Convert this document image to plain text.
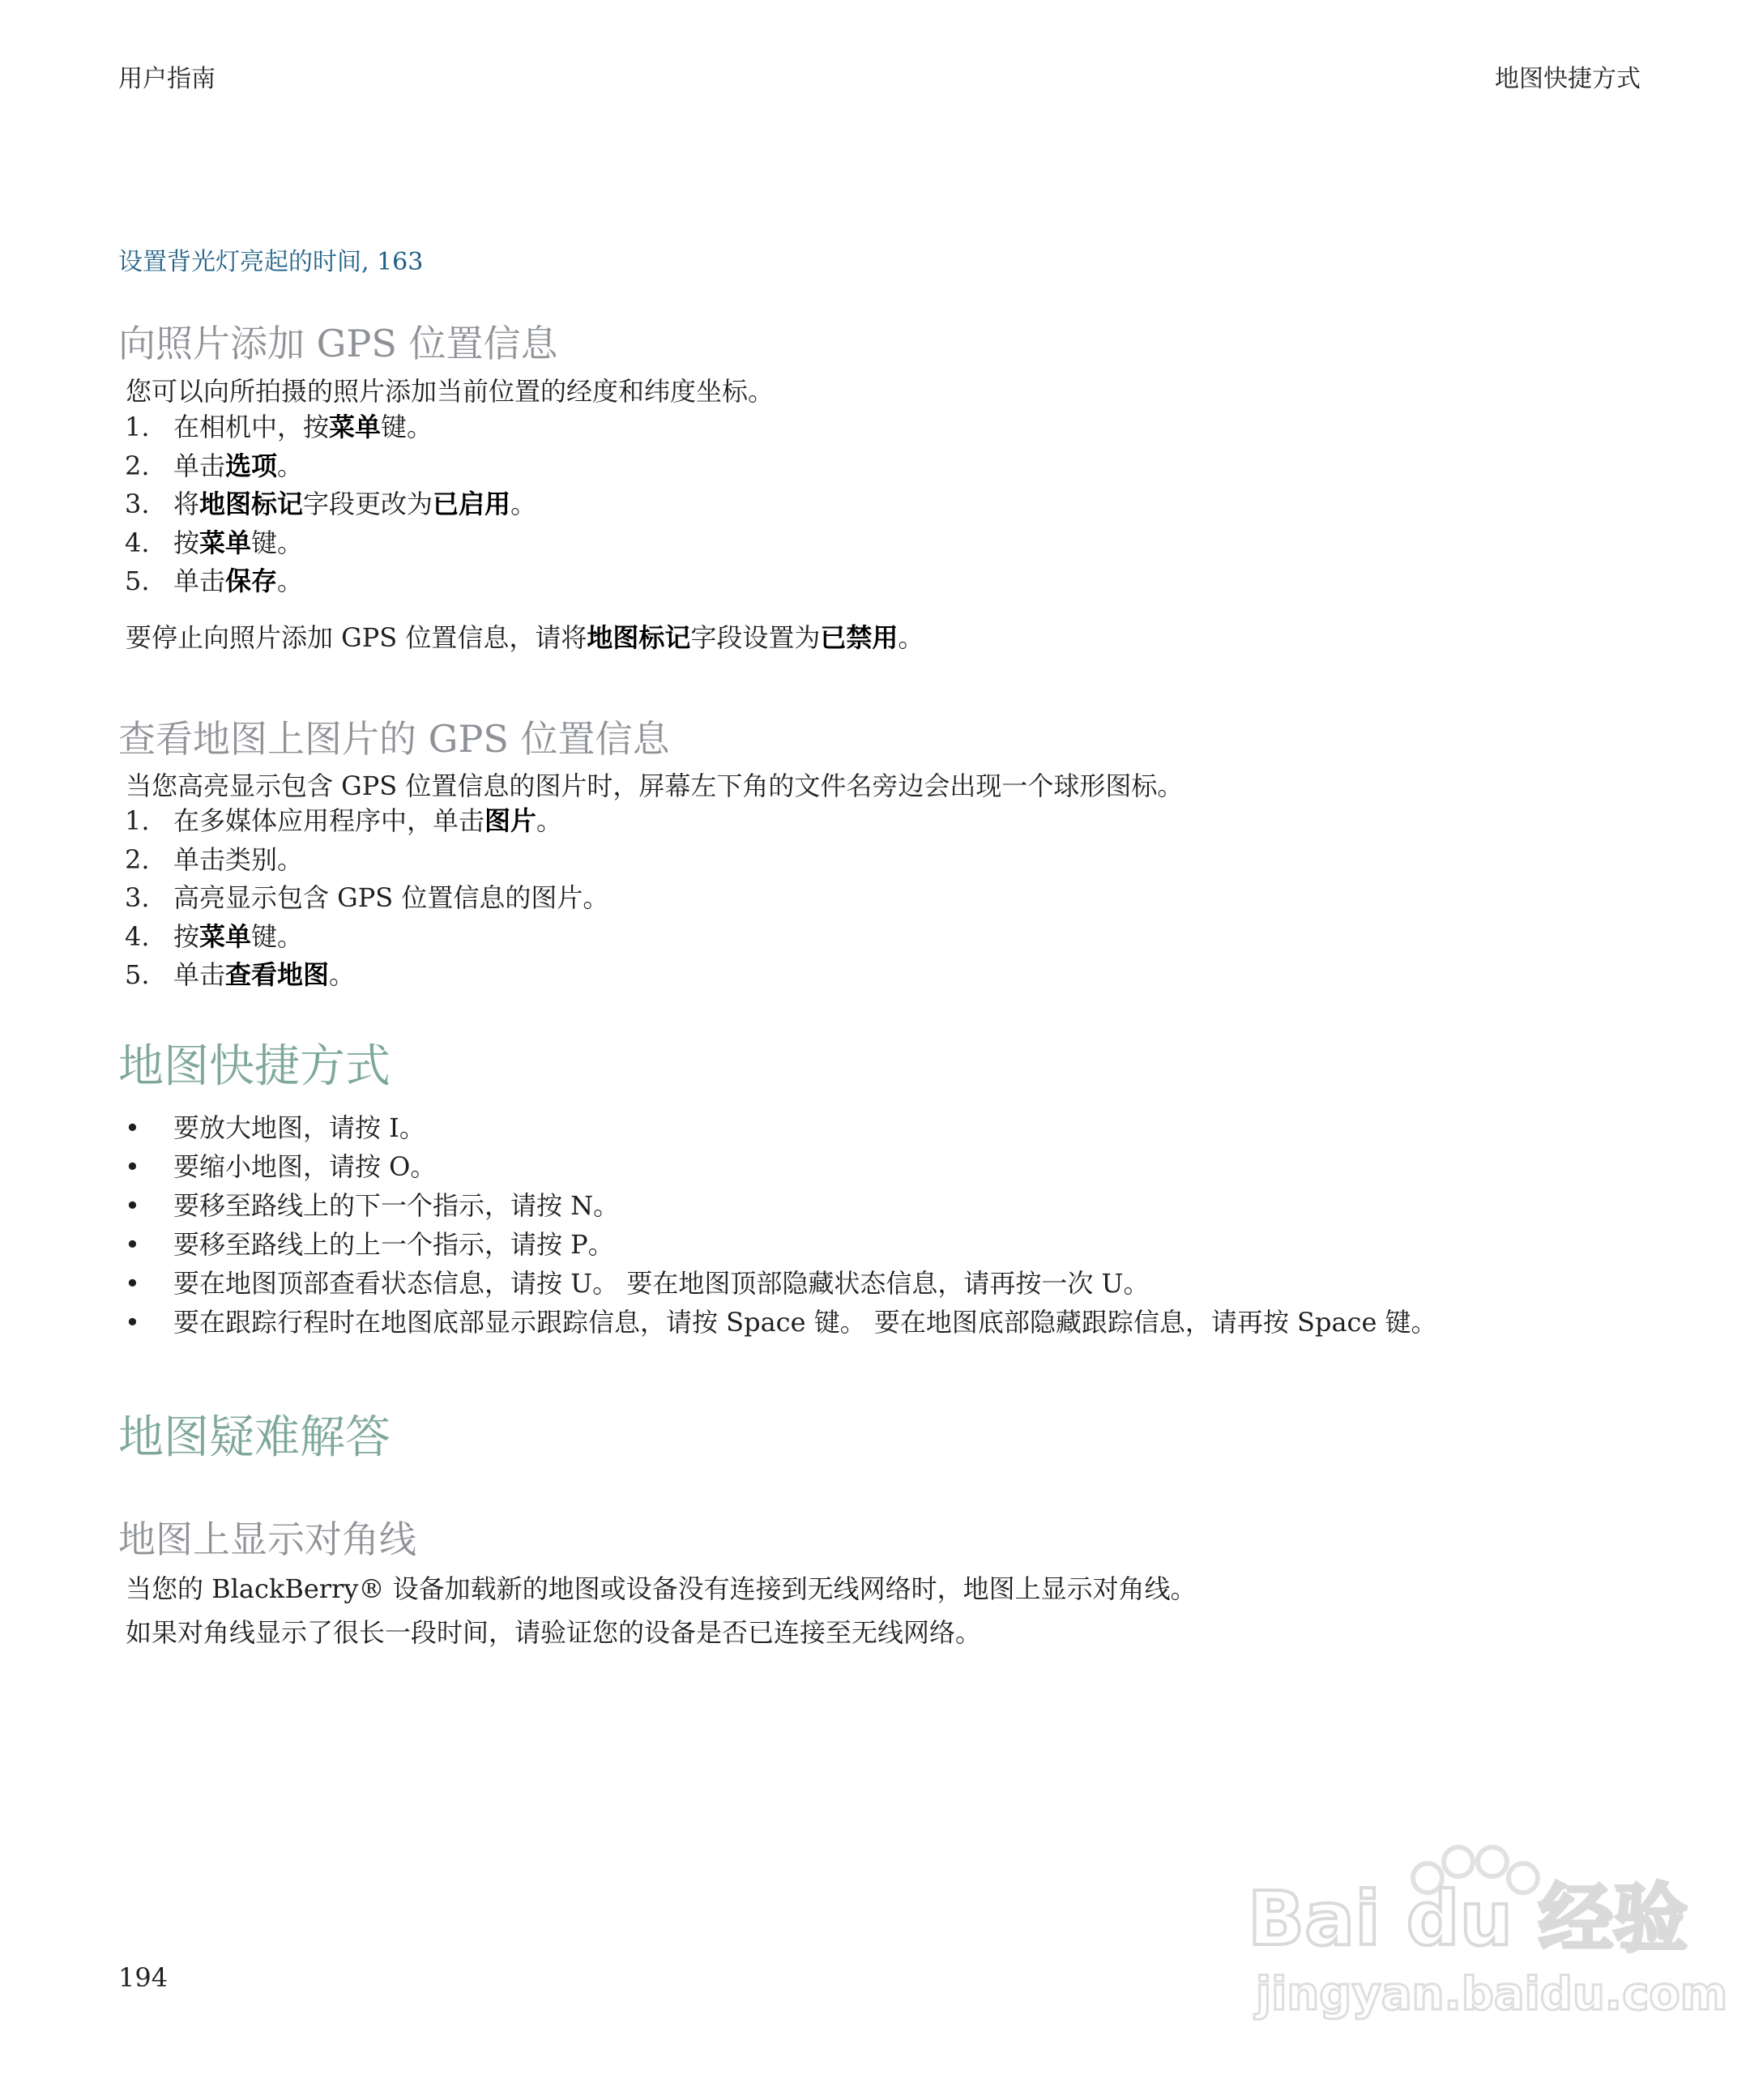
用户指南	地图快捷方式
设置背光灯亮起的时间, 163
向照片添加 GPS 位置信息
您可以向所拍摄的照片添加当前位置的经度和纬度坐标。
1. 在相机中，按菜单键。
2. 单击选项。
3. 将地图标记字段更改为已启用。
4. 按菜单键。
5. 单击保存。
要停止向照片添加 GPS 位置信息，请将地图标记字段设置为已禁用。
查看地图上图片的 GPS 位置信息
当您高亮显示包含 GPS 位置信息的图片时，屏幕左下角的文件名旁边会出现一个球形图标。
1. 在多媒体应用程序中，单击图片。
2. 单击类别。
3. 高亮显示包含 GPS 位置信息的图片。
4. 按菜单键。
5. 单击查看地图。
地图快捷方式
• 要放大地图，请按 I。
• 要缩小地图，请按 O。
• 要移至路线上的下一个指示，请按 N。
• 要移至路线上的上一个指示，请按 P。
• 要在地图顶部查看状态信息，请按 U。 要在地图顶部隐藏状态信息，请再按一次 U。
• 要在跟踪行程时在地图底部显示跟踪信息，请按 Space 键。 要在地图底部隐藏跟踪信息，请再按 Space 键。
地图疑难解答
地图上显示对角线
当您的 BlackBerry® 设备加载新的地图或设备没有连接到无线网络时，地图上显示对角线。
如果对角线显示了很长一段时间，请验证您的设备是否已连接至无线网络。
194
Bai du 经验
jingyan.baidu.com
